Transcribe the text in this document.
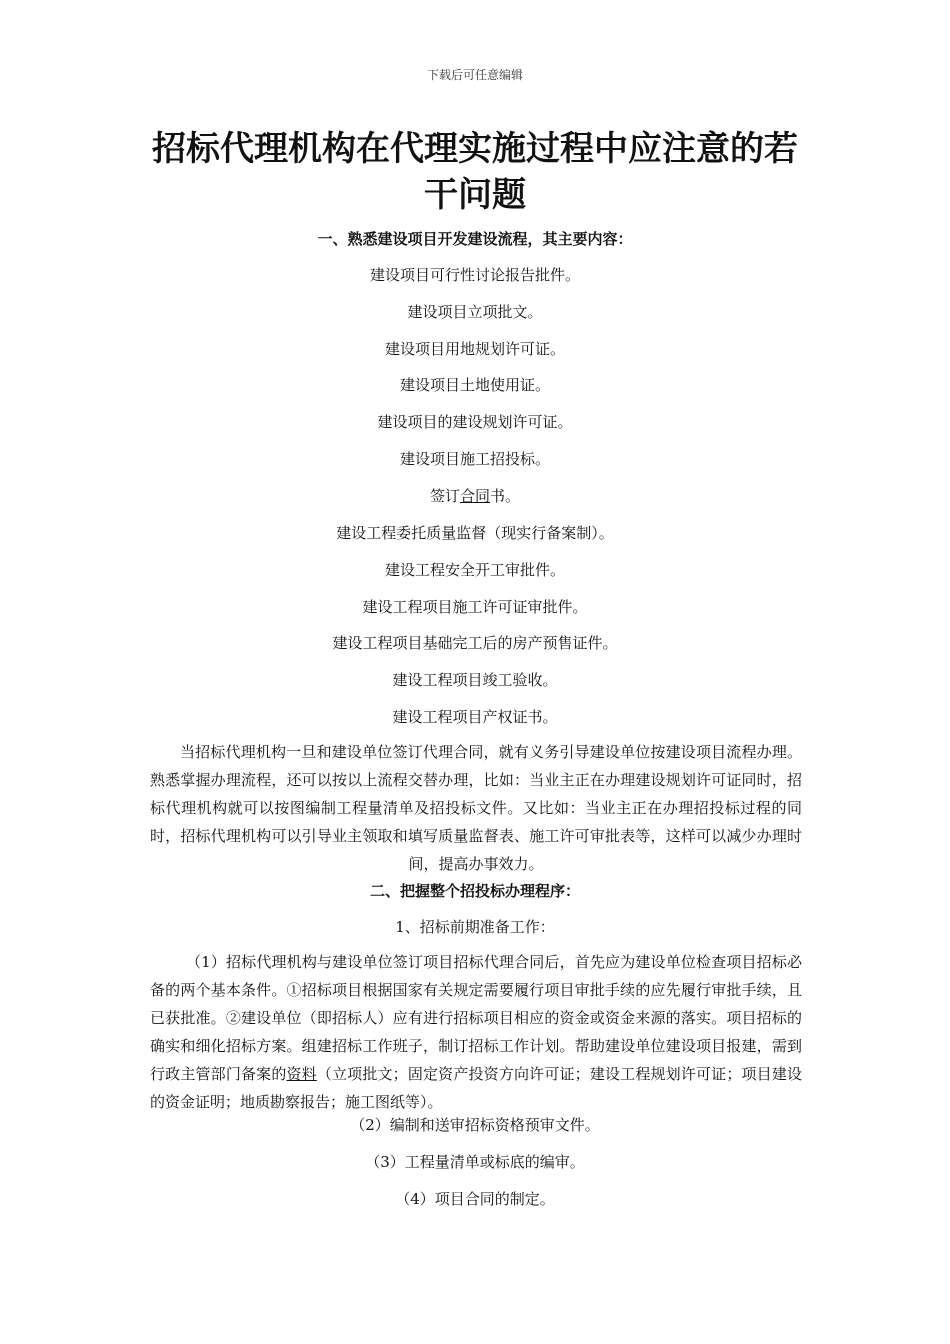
下载后可任意编辑
招标代理机构在代理实施过程中应注意的若干问题

一、熟悉建设项目开发建设流程，其主要内容：

建设项目可行性讨论报告批件。

建设项目立项批文。

建设项目用地规划许可证。

建设项目土地使用证。

建设项目的建设规划许可证。

建设项目施工招投标。

签订合同书。

建设工程委托质量监督（现实行备案制）。

建设工程安全开工审批件。

建设工程项目施工许可证审批件。

建设工程项目基础完工后的房产预售证件。

建设工程项目竣工验收。

建设工程项目产权证书。

当招标代理机构一旦和建设单位签订代理合同，就有义务引导建设单位按建设项目流程办理。熟悉掌握办理流程，还可以按以上流程交替办理，比如：当业主正在办理建设规划许可证同时，招标代理机构就可以按图编制工程量清单及招投标文件。又比如：当业主正在办理招投标过程的同时，招标代理机构可以引导业主领取和填写质量监督表、施工许可审批表等，这样可以减少办理时间，提高办事效力。

二、把握整个招投标办理程序：

1、招标前期准备工作：

（1）招标代理机构与建设单位签订项目招标代理合同后，首先应为建设单位检查项目招标必备的两个基本条件。①招标项目根据国家有关规定需要履行项目审批手续的应先履行审批手续，且已获批准。②建设单位（即招标人）应有进行招标项目相应的资金或资金来源的落实。项目招标的确实和细化招标方案。组建招标工作班子，制订招标工作计划。帮助建设单位建设项目报建，需到行政主管部门备案的资料（立项批文；固定资产投资方向许可证；建设工程规划许可证；项目建设的资金证明；地质勘察报告；施工图纸等）。

（2）编制和送审招标资格预审文件。

（3）工程量清单或标底的编审。

（4）项目合同的制定。
